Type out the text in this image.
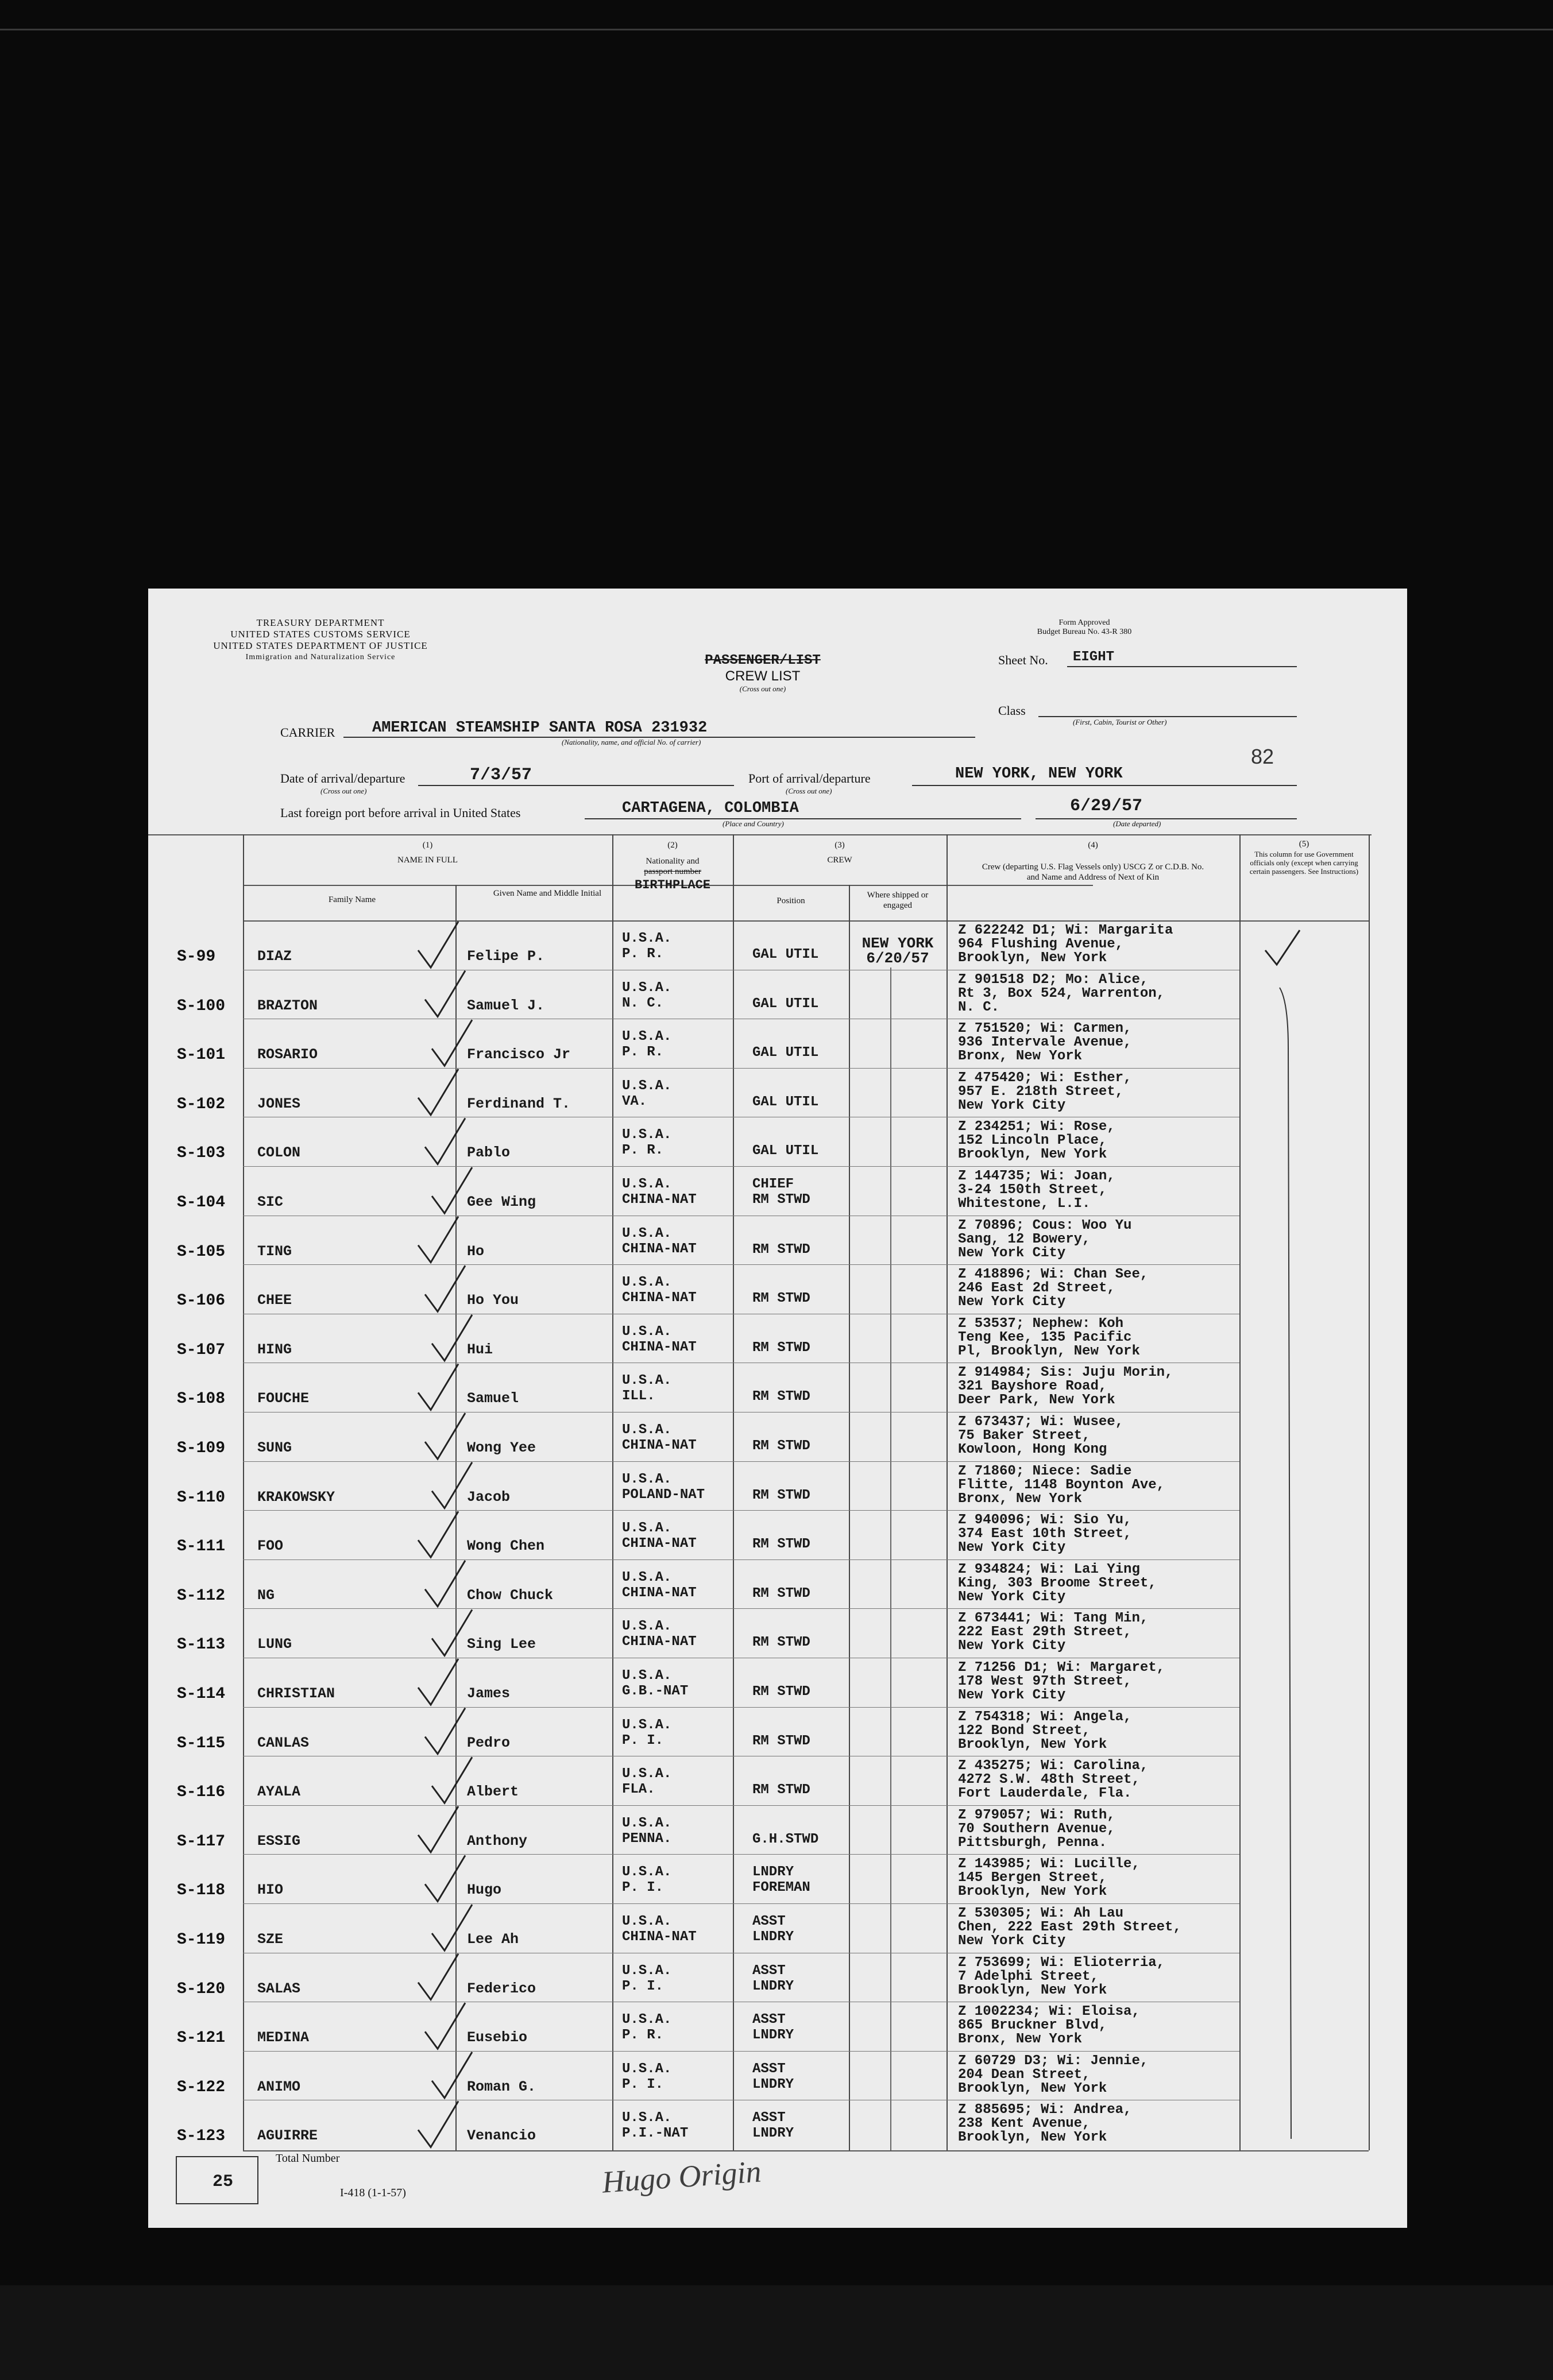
TREASURY DEPARTMENT
UNITED STATES CUSTOMS SERVICE
UNITED STATES DEPARTMENT OF JUSTICE
Immigration and Naturalization Service
Form Approved
Budget Bureau No. 43-R 380
PASSENGER/LIST
CREW LIST
(Cross out one)
Sheet No. EIGHT
Class
(First, Cabin, Tourist or Other)
CARRIER AMERICAN STEAMSHIP SANTA ROSA 231932
(Nationality, name, and official No. of carrier)
82
Date of arrival/departure
(Cross out one)
7/3/57	Port of arrival/departure
(Cross out one)
NEW YORK, NEW YORK
Last foreign port before arrival in United States	CARTAGENA, COLOMBIA
(Place and Country)
6/29/57
(Date departed)
(1)
NAME IN FULL
Family Name
Given Name and Middle Initial
(2)
Nationality and
passport number
BIRTHPLACE
(3)
CREW
Position
Where shipped or engaged
(4)
Crew (departing U.S. Flag Vessels only) USCG Z or C.D.B. No. and Name and Address of Next of Kin
(5)
This column for use Government officials only (except when carrying certain passengers. See Instructions)
NEW YORK
6/20/57
S-99	DIAZ	Felipe P.
U.S.A.
P. R.	GAL UTIL
Z 622242 D1; Wi: Margarita
964 Flushing Avenue,
Brooklyn, New York
S-100 BRAZTON	Samuel J.
U.S.A.
N. C.	GAL UTIL
Z 901518 D2; Mo: Alice,
Rt 3, Box 524, Warrenton,
N. C.
S-101 ROSARIO	Francisco Jr
U.S.A.
P. R.	GAL UTIL
Z 751520; Wi: Carmen,
936 Intervale Avenue,
Bronx, New York
S-102 JONES	Ferdinand T.
U.S.A.
VA.	GAL UTIL
Z 475420; Wi: Esther,
957 E. 218th Street,
New York City
S-103 COLON	Pablo
U.S.A.
P. R.	GAL UTIL
Z 234251; Wi: Rose,
152 Lincoln Place,
Brooklyn, New York
S-104 SIC	Gee Wing
U.S.A.
CHINA-NAT
CHIEF
RM STWD
Z 144735; Wi: Joan,
3-24 150th Street,
Whitestone, L.I.
S-105 TING	Ho
U.S.A.
CHINA-NAT	RM STWD
Z 70896; Cous: Woo Yu
Sang, 12 Bowery,
New York City
S-106 CHEE	Ho You
U.S.A.
CHINA-NAT	RM STWD
Z 418896; Wi: Chan See,
246 East 2d Street,
New York City
S-107 HING	Hui
U.S.A.
CHINA-NAT	RM STWD
Z 53537; Nephew: Koh
Teng Kee, 135 Pacific
Pl, Brooklyn, New York
S-108 FOUCHE	Samuel
U.S.A.
ILL.	RM STWD
Z 914984; Sis: Juju Morin,
321 Bayshore Road,
Deer Park, New York
S-109 SUNG	Wong Yee
U.S.A.
CHINA-NAT	RM STWD
Z 673437; Wi: Wusee,
75 Baker Street,
Kowloon, Hong Kong
S-110 KRAKOWSKY	Jacob
U.S.A.
POLAND-NAT	RM STWD
Z 71860; Niece: Sadie
Flitte, 1148 Boynton Ave,
Bronx, New York
S-111 FOO	Wong Chen
U.S.A.
CHINA-NAT	RM STWD
Z 940096; Wi: Sio Yu,
374 East 10th Street,
New York City
S-112 NG	Chow Chuck
U.S.A.
CHINA-NAT	RM STWD
Z 934824; Wi: Lai Ying
King, 303 Broome Street,
New York City
S-113 LUNG	Sing Lee
U.S.A.
CHINA-NAT	RM STWD
Z 673441; Wi: Tang Min,
222 East 29th Street,
New York City
S-114 CHRISTIAN	James
U.S.A.
G.B.-NAT	RM STWD
Z 71256 D1; Wi: Margaret,
178 West 97th Street,
New York City
S-115 CANLAS	Pedro
U.S.A.
P. I.	RM STWD
Z 754318; Wi: Angela,
122 Bond Street,
Brooklyn, New York
S-116 AYALA	Albert
U.S.A.
FLA.	RM STWD
Z 435275; Wi: Carolina,
4272 S.W. 48th Street,
Fort Lauderdale, Fla.
S-117 ESSIG	Anthony
U.S.A.
PENNA.	G.H.STWD
Z 979057; Wi: Ruth,
70 Southern Avenue,
Pittsburgh, Penna.
S-118 HIO	Hugo
U.S.A.
P. I.
LNDRY
FOREMAN
Z 143985; Wi: Lucille,
145 Bergen Street,
Brooklyn, New York
S-119 SZE	Lee Ah
U.S.A.
CHINA-NAT
ASST
LNDRY
Z 530305; Wi: Ah Lau
Chen, 222 East 29th Street,
New York City
S-120 SALAS	Federico
U.S.A.
P. I.
ASST
LNDRY
Z 753699; Wi: Elioterria,
7 Adelphi Street,
Brooklyn, New York
S-121 MEDINA	Eusebio
U.S.A.
P. R.
ASST
LNDRY
Z 1002234; Wi: Eloisa,
865 Bruckner Blvd,
Bronx, New York
S-122 ANIMO	Roman G.
U.S.A.
P. I.
ASST
LNDRY
Z 60729 D3; Wi: Jennie,
204 Dean Street,
Brooklyn, New York
S-123 AGUIRRE	Venancio
U.S.A.
P.I.-NAT
ASST
LNDRY
Z 885695; Wi: Andrea,
238 Kent Avenue,
Brooklyn, New York
Total Number
25
I-418 (1-1-57)	Hugo Origin
